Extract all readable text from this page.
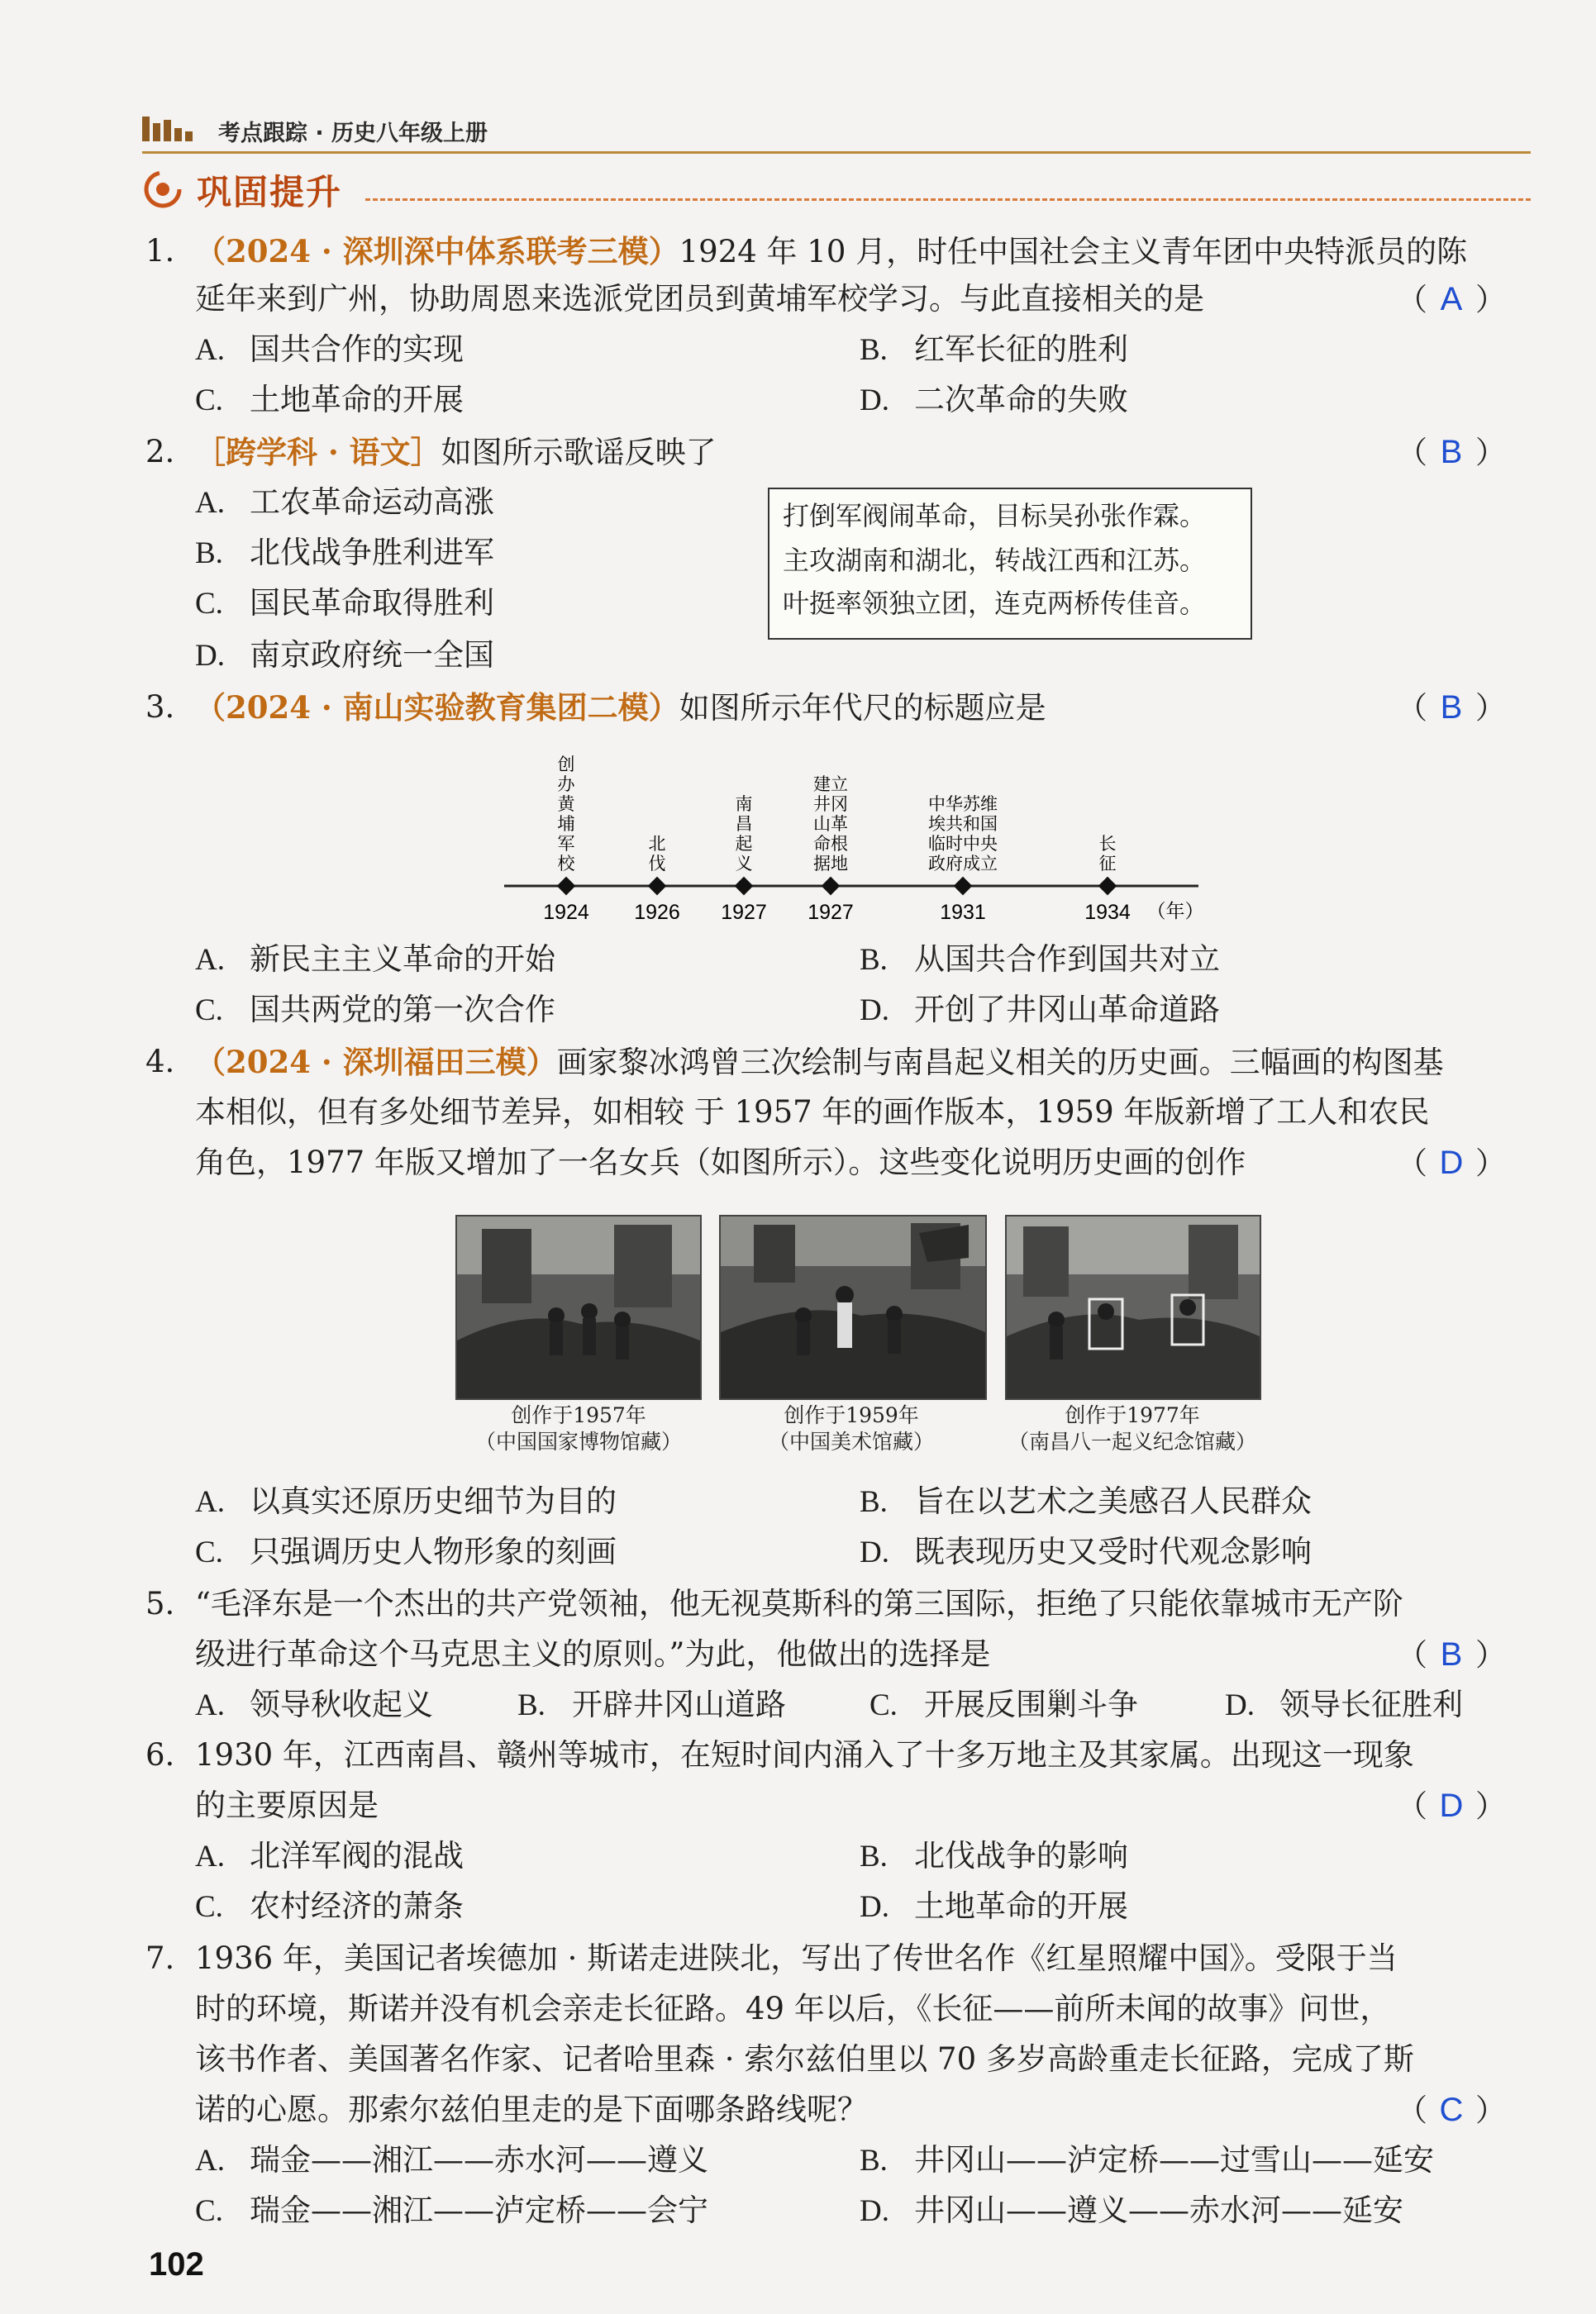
考点跟踪 · 历史八年级上册
巩固提升
1. （2024 · 深圳深中体系联考三模）1924 年 10 月，时任中国社会主义青年团中央特派员的陈
延年来到广州，协助周恩来选派党团员到黄埔军校学习。与此直接相关的是	（ A ）
A. 国共合作的实现	B. 红军长征的胜利
C. 土地革命的开展	D. 二次革命的失败
2. ［跨学科 · 语文］如图所示歌谣反映了	（ B ）
A. 工农革命运动高涨
B. 北伐战争胜利进军
C. 国民革命取得胜利
D. 南京政府统一全国
打倒军阀闹革命，目标吴孙张作霖。
主攻湖南和湖北，转战江西和江苏。
叶挺率领独立团，连克两桥传佳音。
3. （2024 · 南山实验教育集团二模）如图所示年代尺的标题应是	（ B ）
1924
创
办
黄
埔
军
校
1926
北
伐
1927
南
昌
起
义
1927
建立
井冈
山革
命根
据地
1931
中华苏维
埃共和国
临时中央
政府成立
1934
长
征
（年）
A. 新民主主义革命的开始	B. 从国共合作到国共对立
C. 国共两党的第一次合作	D. 开创了井冈山革命道路
4. （2024 · 深圳福田三模）画家黎冰鸿曾三次绘制与南昌起义相关的历史画。三幅画的构图基
本相似，但有多处细节差异，如相较 于 1957 年的画作版本，1959 年版新增了工人和农民
角色，1977 年版又增加了一名女兵（如图所示）。这些变化说明历史画的创作	（ D ）
创作于1957年
（中国国家博物馆藏）
创作于1959年
（中国美术馆藏）
创作于1977年
（南昌八一起义纪念馆藏）
A. 以真实还原历史细节为目的	B. 旨在以艺术之美感召人民群众
C. 只强调历史人物形象的刻画	D. 既表现历史又受时代观念影响
5. “毛泽东是一个杰出的共产党领袖，他无视莫斯科的第三国际，拒绝了只能依靠城市无产阶
级进行革命这个马克思主义的原则。”为此，他做出的选择是	（ B ）
A. 领导秋收起义	B. 开辟井冈山道路	C. 开展反围剿斗争	D. 领导长征胜利
6. 1930 年，江西南昌、赣州等城市，在短时间内涌入了十多万地主及其家属。出现这一现象
的主要原因是	（ D ）
A. 北洋军阀的混战	B. 北伐战争的影响
C. 农村经济的萧条	D. 土地革命的开展
7. 1936 年，美国记者埃德加 · 斯诺走进陕北，写出了传世名作《红星照耀中国》。受限于当
时的环境，斯诺并没有机会亲走长征路。49 年以后，《长征——前所未闻的故事》问世，
该书作者、美国著名作家、记者哈里森 · 索尔兹伯里以 70 多岁高龄重走长征路，完成了斯
诺的心愿。那索尔兹伯里走的是下面哪条路线呢？	（ C ）
A. 瑞金——湘江——赤水河——遵义	B. 井冈山——泸定桥——过雪山——延安
C. 瑞金——湘江——泸定桥——会宁	D. 井冈山——遵义——赤水河——延安
102
